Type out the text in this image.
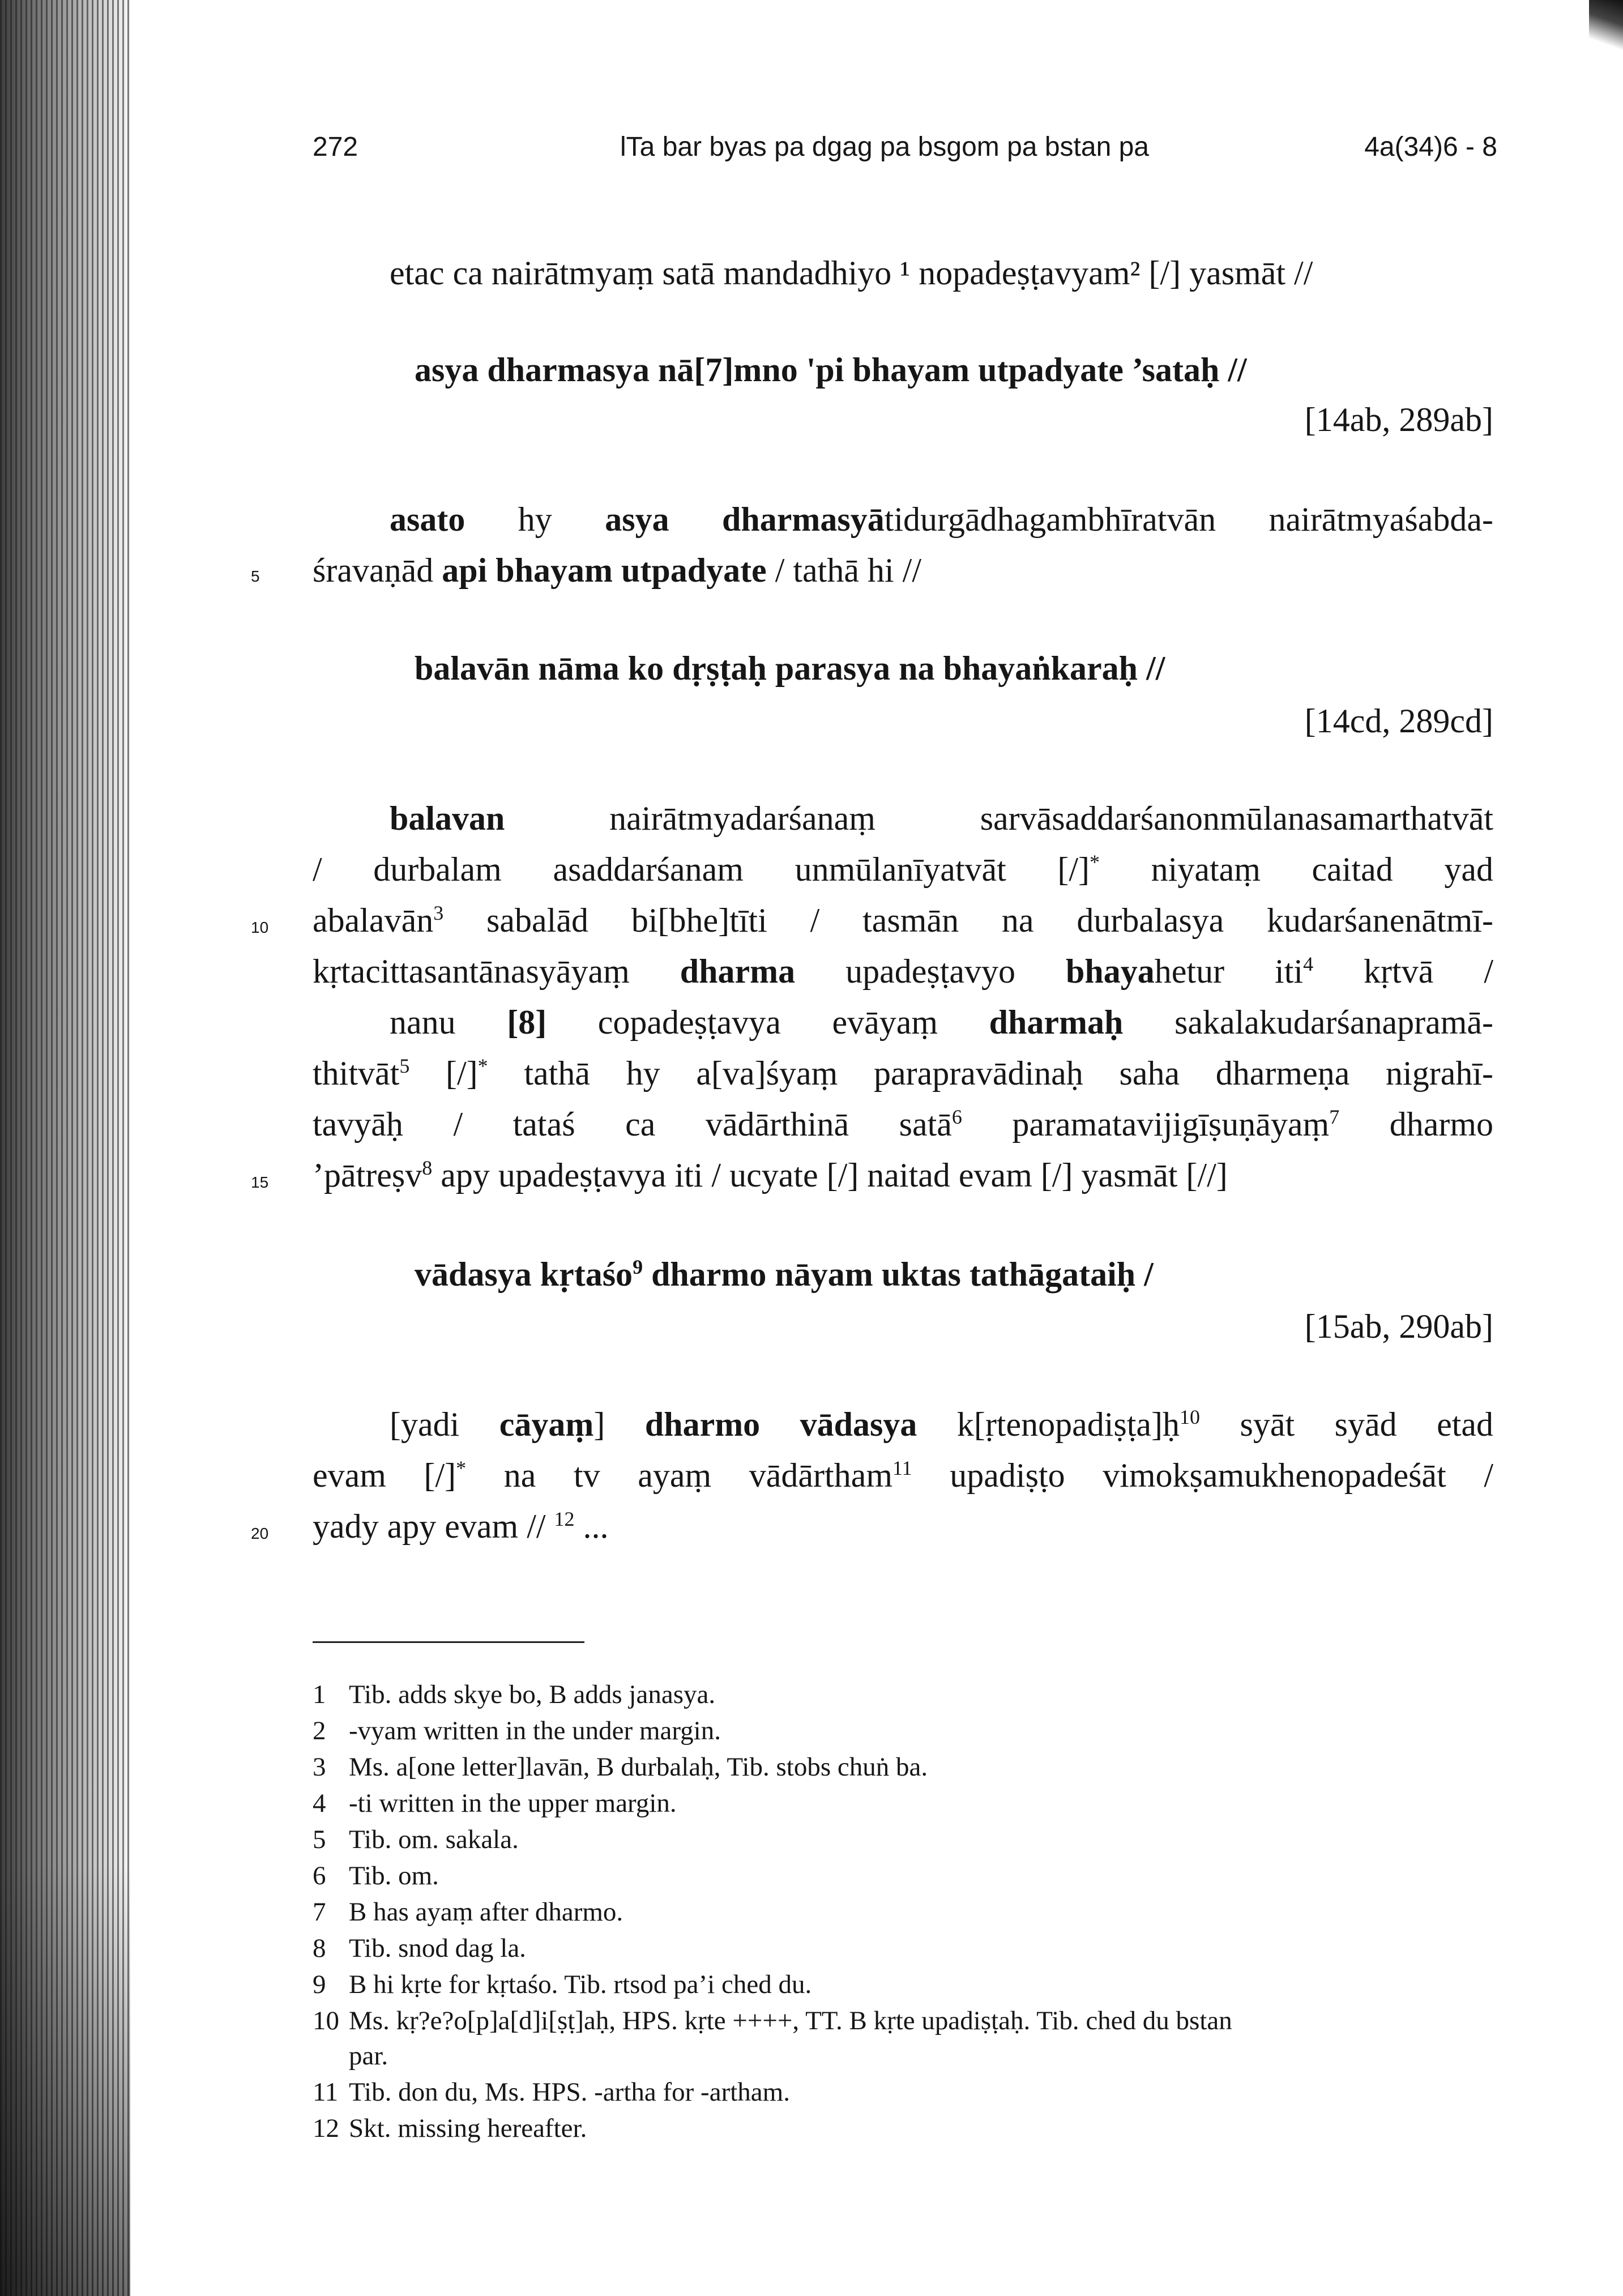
272	lTa bar byas pa dgag pa bsgom pa bstan pa	4a(34)6 - 8
etac ca nairātmyaṃ satā mandadhiyo ¹ nopadeṣṭavyam² [/] yasmāt //
asya dharmasya nā[7]mno 'pi bhayam utpadyate ’sataḥ //
[14ab, 289ab]
asato hy asya dharmasyātidurgādhagambhīratvān nairātmyaśabda-
5 śravaṇād api bhayam utpadyate / tathā hi //
balavān nāma ko dṛṣṭaḥ parasya na bhayaṅkaraḥ //
[14cd, 289cd]
balavan nairātmyadarśanaṃ sarvāsaddarśanonmūlanasamarthatvāt
/ durbalam asaddarśanam unmūlanīyatvāt [/]* niyataṃ caitad yad
10 abalavān$^3$ sabalād bi[bhe]tīti / tasmān na durbalasya kudarśanenātmī-
kṛtacittasantānasyāyaṃ dharma upadeṣṭavyo bhayahetur iti$^4$ kṛtvā /
nanu [8] copadeṣṭavya evāyaṃ dharmaḥ sakalakudarśanapramā-
thitvāt$^5$ [/]* tathā hy a[va]śyaṃ parapravādinaḥ saha dharmeṇa nigrahī-
tavyāḥ / tataś ca vādārthinā satā$^6$ paramatavijigīṣuṇāyaṃ$^7$ dharmo
15 ’pātreṣv$^8$ apy upadeṣṭavya iti / ucyate [/] naitad evam [/] yasmāt [//]
vādasya kṛtaśo$^9$ dharmo nāyam uktas tathāgataiḥ /
[15ab, 290ab]
[yadi cāyaṃ] dharmo vādasya k[ṛtenopadiṣṭa]ḥ$^{10}$ syāt syād etad
evam [/]* na tv ayaṃ vādārtham$^{11}$ upadiṣṭo vimokṣamukhenopadeśāt /
20 yady apy evam // $^{12}$ ...
1 Tib. adds skye bo, B adds janasya.
2 -vyam written in the under margin.
3 Ms. a[one letter]lavān, B durbalaḥ, Tib. stobs chuṅ ba.
4 -ti written in the upper margin.
5 Tib. om. sakala.
6 Tib. om.
7 B has ayaṃ after dharmo.
8 Tib. snod dag la.
9 B hi kṛte for kṛtaśo. Tib. rtsod pa’i ched du.
10 Ms. kṛ?e?o[p]a[d]i[ṣṭ]aḥ, HPS. kṛte ++++, TT. B kṛte upadiṣṭaḥ. Tib. ched du bstan
par.
11 Tib. don du, Ms. HPS. -artha for -artham.
12 Skt. missing hereafter.
